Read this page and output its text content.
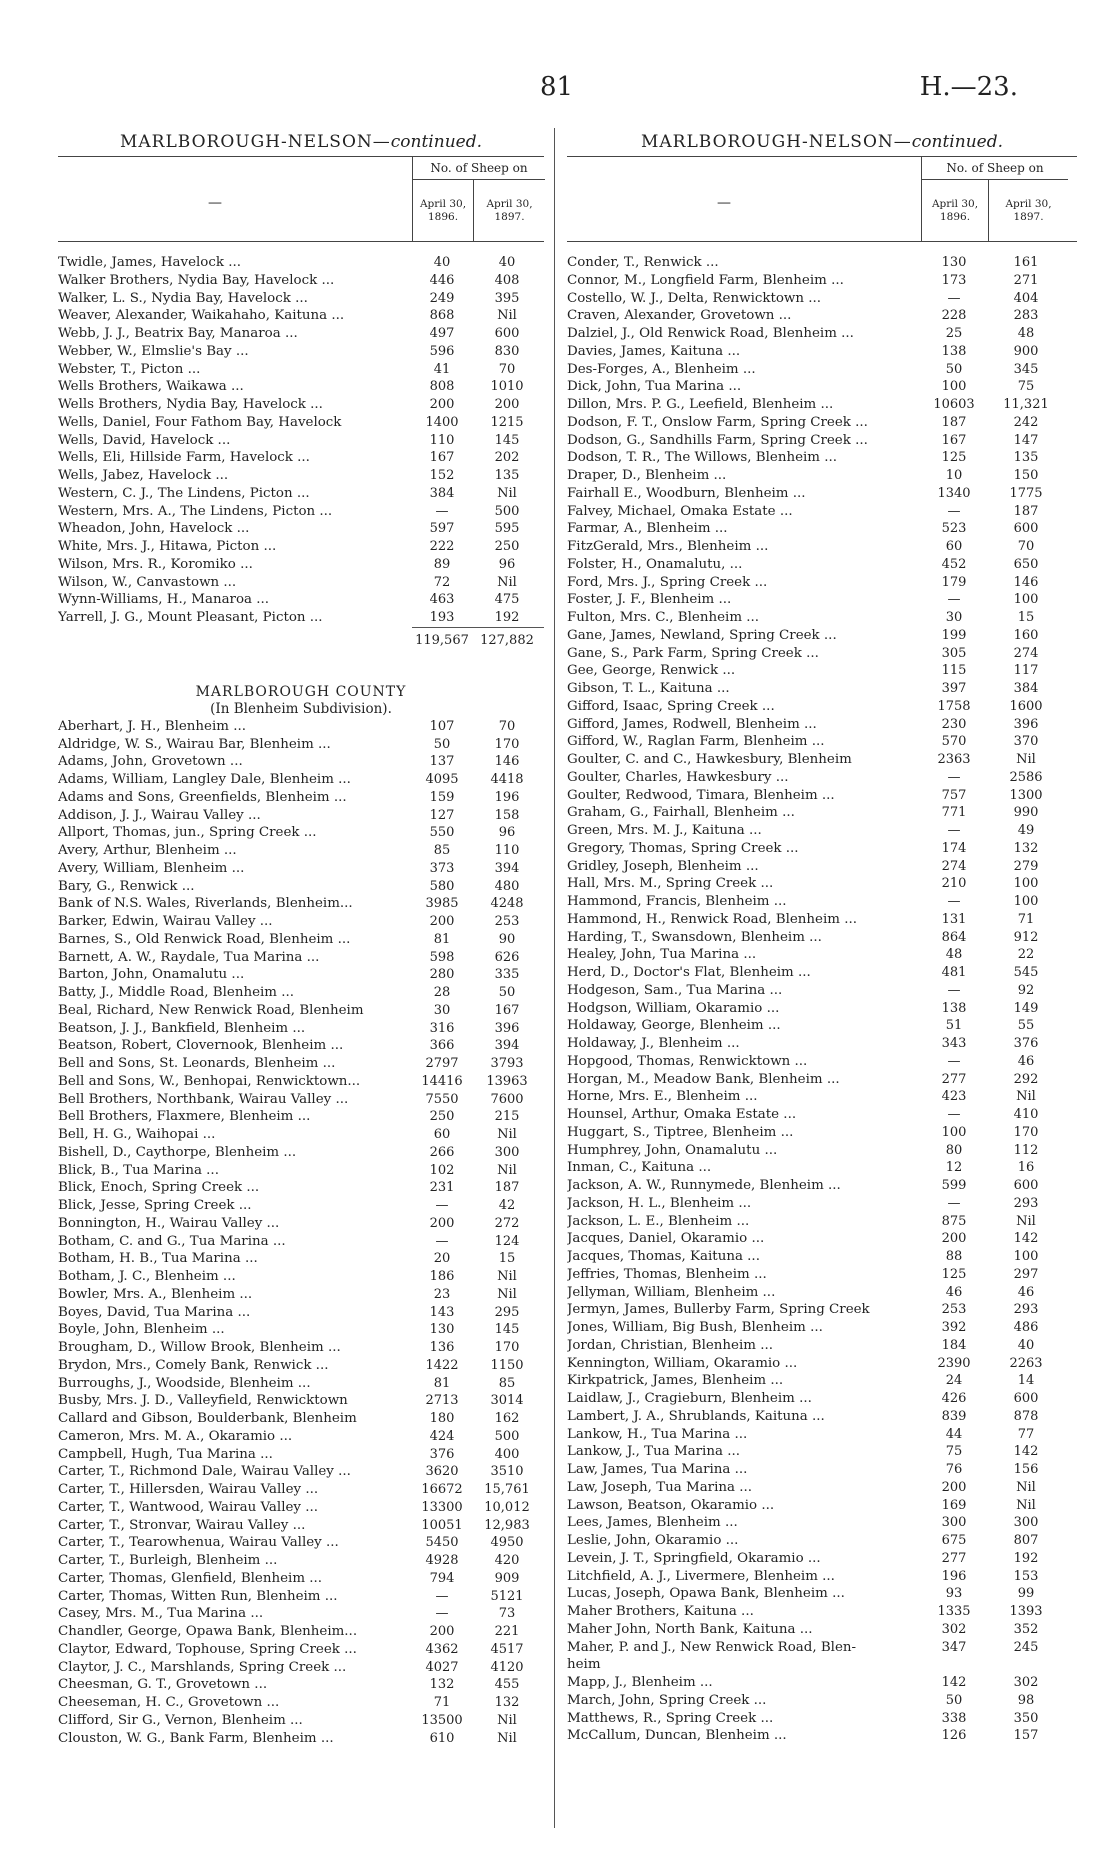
81	H.—23.
MARLBOROUGH-NELSON—continued.
—
No. of Sheep on
April 30, 1896.
April 30, 1897.
Twidle, James, Havelock ...	40	40
Walker Brothers, Nydia Bay, Havelock ...	446	408
Walker, L. S., Nydia Bay, Havelock ...	249	395
Weaver, Alexander, Waikahaho, Kaituna ...	868	Nil
Webb, J. J., Beatrix Bay, Manaroa ...	497	600
Webber, W., Elmslie's Bay ...	596	830
Webster, T., Picton ...	41	70
Wells Brothers, Waikawa ...	808	1010
Wells Brothers, Nydia Bay, Havelock ...	200	200
Wells, Daniel, Four Fathom Bay, Havelock	1400	1215
Wells, David, Havelock ...	110	145
Wells, Eli, Hillside Farm, Havelock ...	167	202
Wells, Jabez, Havelock ...	152	135
Western, C. J., The Lindens, Picton ...	384	Nil
Western, Mrs. A., The Lindens, Picton ...	—	500
Wheadon, John, Havelock ...	597	595
White, Mrs. J., Hitawa, Picton ...	222	250
Wilson, Mrs. R., Koromiko ...	89	96
Wilson, W., Canvastown ...	72	Nil
Wynn-Williams, H., Manaroa ...	463	475
Yarrell, J. G., Mount Pleasant, Picton ...	193	192
119,567 127,882
MARLBOROUGH COUNTY
(In Blenheim Subdivision).
Aberhart, J. H., Blenheim ...	107	70
Aldridge, W. S., Wairau Bar, Blenheim ...	50	170
Adams, John, Grovetown ...	137	146
Adams, William, Langley Dale, Blenheim ...	4095	4418
Adams and Sons, Greenfields, Blenheim ...	159	196
Addison, J. J., Wairau Valley ...	127	158
Allport, Thomas, jun., Spring Creek ...	550	96
Avery, Arthur, Blenheim ...	85	110
Avery, William, Blenheim ...	373	394
Bary, G., Renwick ...	580	480
Bank of N.S. Wales, Riverlands, Blenheim...	3985	4248
Barker, Edwin, Wairau Valley ...	200	253
Barnes, S., Old Renwick Road, Blenheim ...	81	90
Barnett, A. W., Raydale, Tua Marina ...	598	626
Barton, John, Onamalutu ...	280	335
Batty, J., Middle Road, Blenheim ...	28	50
Beal, Richard, New Renwick Road, Blenheim	30	167
Beatson, J. J., Bankfield, Blenheim ...	316	396
Beatson, Robert, Clovernook, Blenheim ...	366	394
Bell and Sons, St. Leonards, Blenheim ...	2797	3793
Bell and Sons, W., Benhopai, Renwicktown...	14416	13963
Bell Brothers, Northbank, Wairau Valley ...	7550	7600
Bell Brothers, Flaxmere, Blenheim ...	250	215
Bell, H. G., Waihopai ...	60	Nil
Bishell, D., Caythorpe, Blenheim ...	266	300
Blick, B., Tua Marina ...	102	Nil
Blick, Enoch, Spring Creek ...	231	187
Blick, Jesse, Spring Creek ...	—	42
Bonnington, H., Wairau Valley ...	200	272
Botham, C. and G., Tua Marina ...	—	124
Botham, H. B., Tua Marina ...	20	15
Botham, J. C., Blenheim ...	186	Nil
Bowler, Mrs. A., Blenheim ...	23	Nil
Boyes, David, Tua Marina ...	143	295
Boyle, John, Blenheim ...	130	145
Brougham, D., Willow Brook, Blenheim ...	136	170
Brydon, Mrs., Comely Bank, Renwick ...	1422	1150
Burroughs, J., Woodside, Blenheim ...	81	85
Busby, Mrs. J. D., Valleyfield, Renwicktown	2713	3014
Callard and Gibson, Boulderbank, Blenheim	180	162
Cameron, Mrs. M. A., Okaramio ...	424	500
Campbell, Hugh, Tua Marina ...	376	400
Carter, T., Richmond Dale, Wairau Valley ...	3620	3510
Carter, T., Hillersden, Wairau Valley ...	16672	15,761
Carter, T., Wantwood, Wairau Valley ...	13300	10,012
Carter, T., Stronvar, Wairau Valley ...	10051	12,983
Carter, T., Tearowhenua, Wairau Valley ...	5450	4950
Carter, T., Burleigh, Blenheim ...	4928	420
Carter, Thomas, Glenfield, Blenheim ...	794	909
Carter, Thomas, Witten Run, Blenheim ...	—	5121
Casey, Mrs. M., Tua Marina ...	—	73
Chandler, George, Opawa Bank, Blenheim...	200	221
Claytor, Edward, Tophouse, Spring Creek ...	4362	4517
Claytor, J. C., Marshlands, Spring Creek ...	4027	4120
Cheesman, G. T., Grovetown ...	132	455
Cheeseman, H. C., Grovetown ...	71	132
Clifford, Sir G., Vernon, Blenheim ...	13500	Nil
Clouston, W. G., Bank Farm, Blenheim ...	610	Nil
MARLBOROUGH-NELSON—continued.
—
No. of Sheep on
April 30, 1896.
April 30, 1897.
Conder, T., Renwick ...	130	161
Connor, M., Longfield Farm, Blenheim ...	173	271
Costello, W. J., Delta, Renwicktown ...	—	404
Craven, Alexander, Grovetown ...	228	283
Dalziel, J., Old Renwick Road, Blenheim ...	25	48
Davies, James, Kaituna ...	138	900
Des-Forges, A., Blenheim ...	50	345
Dick, John, Tua Marina ...	100	75
Dillon, Mrs. P. G., Leefield, Blenheim ...	10603	11,321
Dodson, F. T., Onslow Farm, Spring Creek ...	187	242
Dodson, G., Sandhills Farm, Spring Creek ...	167	147
Dodson, T. R., The Willows, Blenheim ...	125	135
Draper, D., Blenheim ...	10	150
Fairhall E., Woodburn, Blenheim ...	1340	1775
Falvey, Michael, Omaka Estate ...	—	187
Farmar, A., Blenheim ...	523	600
FitzGerald, Mrs., Blenheim ...	60	70
Folster, H., Onamalutu, ...	452	650
Ford, Mrs. J., Spring Creek ...	179	146
Foster, J. F., Blenheim ...	—	100
Fulton, Mrs. C., Blenheim ...	30	15
Gane, James, Newland, Spring Creek ...	199	160
Gane, S., Park Farm, Spring Creek ...	305	274
Gee, George, Renwick ...	115	117
Gibson, T. L., Kaituna ...	397	384
Gifford, Isaac, Spring Creek ...	1758	1600
Gifford, James, Rodwell, Blenheim ...	230	396
Gifford, W., Raglan Farm, Blenheim ...	570	370
Goulter, C. and C., Hawkesbury, Blenheim	2363	Nil
Goulter, Charles, Hawkesbury ...	—	2586
Goulter, Redwood, Timara, Blenheim ...	757	1300
Graham, G., Fairhall, Blenheim ...	771	990
Green, Mrs. M. J., Kaituna ...	—	49
Gregory, Thomas, Spring Creek ...	174	132
Gridley, Joseph, Blenheim ...	274	279
Hall, Mrs. M., Spring Creek ...	210	100
Hammond, Francis, Blenheim ...	—	100
Hammond, H., Renwick Road, Blenheim ...	131	71
Harding, T., Swansdown, Blenheim ...	864	912
Healey, John, Tua Marina ...	48	22
Herd, D., Doctor's Flat, Blenheim ...	481	545
Hodgeson, Sam., Tua Marina ...	—	92
Hodgson, William, Okaramio ...	138	149
Holdaway, George, Blenheim ...	51	55
Holdaway, J., Blenheim ...	343	376
Hopgood, Thomas, Renwicktown ...	—	46
Horgan, M., Meadow Bank, Blenheim ...	277	292
Horne, Mrs. E., Blenheim ...	423	Nil
Hounsel, Arthur, Omaka Estate ...	—	410
Huggart, S., Tiptree, Blenheim ...	100	170
Humphrey, John, Onamalutu ...	80	112
Inman, C., Kaituna ...	12	16
Jackson, A. W., Runnymede, Blenheim ...	599	600
Jackson, H. L., Blenheim ...	—	293
Jackson, L. E., Blenheim ...	875	Nil
Jacques, Daniel, Okaramio ...	200	142
Jacques, Thomas, Kaituna ...	88	100
Jeffries, Thomas, Blenheim ...	125	297
Jellyman, William, Blenheim ...	46	46
Jermyn, James, Bullerby Farm, Spring Creek	253	293
Jones, William, Big Bush, Blenheim ...	392	486
Jordan, Christian, Blenheim ...	184	40
Kennington, William, Okaramio ...	2390	2263
Kirkpatrick, James, Blenheim ...	24	14
Laidlaw, J., Cragieburn, Blenheim ...	426	600
Lambert, J. A., Shrublands, Kaituna ...	839	878
Lankow, H., Tua Marina ...	44	77
Lankow, J., Tua Marina ...	75	142
Law, James, Tua Marina ...	76	156
Law, Joseph, Tua Marina ...	200	Nil
Lawson, Beatson, Okaramio ...	169	Nil
Lees, James, Blenheim ...	300	300
Leslie, John, Okaramio ...	675	807
Levein, J. T., Springfield, Okaramio ...	277	192
Litchfield, A. J., Livermere, Blenheim ...	196	153
Lucas, Joseph, Opawa Bank, Blenheim ...	93	99
Maher Brothers, Kaituna ...	1335	1393
Maher John, North Bank, Kaituna ...	302	352
Maher, P. and J., New Renwick Road, Blen-	347	245
heim
Mapp, J., Blenheim ...	142	302
March, John, Spring Creek ...	50	98
Matthews, R., Spring Creek ...	338	350
McCallum, Duncan, Blenheim ...	126	157
